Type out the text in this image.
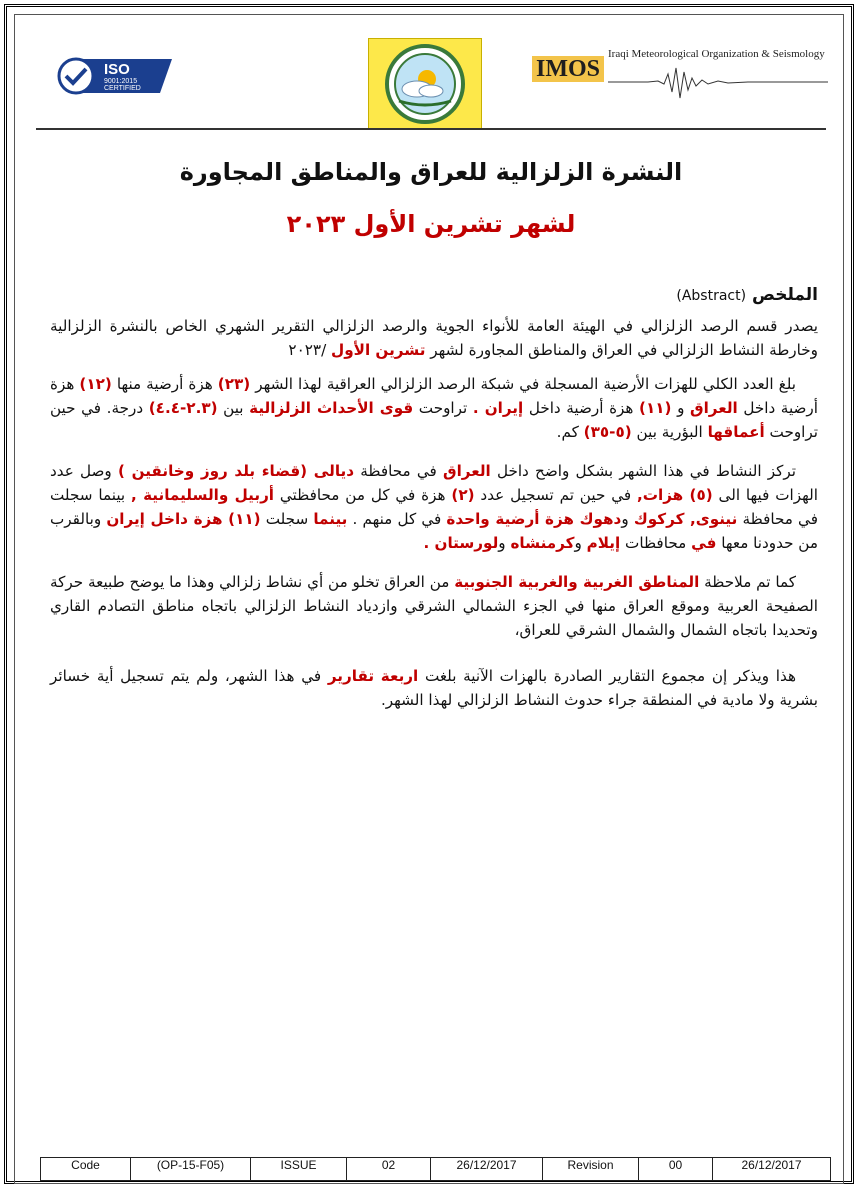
ISO
9001:2015
CERTIFIED
IMOS
Iraqi Meteorological Organization & Seismology
النشرة الزلزالية للعراق والمناطق المجاورة
لشهر تشرين الأول ٢٠٢٣

الملخص (Abstract)

يصدر قسم الرصد الزلزالي في الهيئة العامة للأنواء الجوية والرصد الزلزالي التقرير الشهري الخاص بالنشرة الزلزالية وخارطة النشاط الزلزالي في العراق والمناطق المجاورة لشهر تشرين الأول /٢٠٢٣

بلغ العدد الكلي للهزات الأرضية المسجلة في شبكة الرصد الزلزالي العراقية لهذا الشهر (٢٣) هزة أرضية منها (١٢) هزة أرضية داخل العراق و (١١) هزة أرضية داخل إيران . تراوحت قوى الأحداث الزلزالية بين (٢.٣-٤.٤) درجة. في حين تراوحت أعماقها البؤرية بين (٥-٣٥) كم.

تركز النشاط في هذا الشهر بشكل واضح داخل العراق في محافظة ديالى (قضاء بلد روز وخانقين ) وصل عدد الهزات فيها الى (٥) هزات, في حين تم تسجيل عدد (٢) هزة في كل من محافظتي أربيل والسليمانية , بينما سجلت في محافظة نينوى, كركوك ودهوك هزة أرضية واحدة في كل منهم . بينما سجلت (١١) هزة داخل إيران وبالقرب من حدودنا معها في محافظات إيلام وكرمنشاه ولورستان .

كما تم ملاحظة المناطق الغربية والغربية الجنوبية من العراق تخلو من أي نشاط زلزالي وهذا ما يوضح طبيعة حركة الصفيحة العربية وموقع العراق منها في الجزء الشمالي الشرقي وازدياد النشاط الزلزالي باتجاه مناطق التصادم القاري وتحديدا باتجاه الشمال والشمال الشرقي للعراق،

هذا ويذكر إن مجموع التقارير الصادرة بالهزات الآنية بلغت اربعة تقارير في هذا الشهر، ولم يتم تسجيل أية خسائر بشرية ولا مادية في المنطقة جراء حدوث النشاط الزلزالي لهذا الشهر.

Code	(OP-15-F05)	ISSUE	02	26/12/2017	Revision	00	26/12/2017
